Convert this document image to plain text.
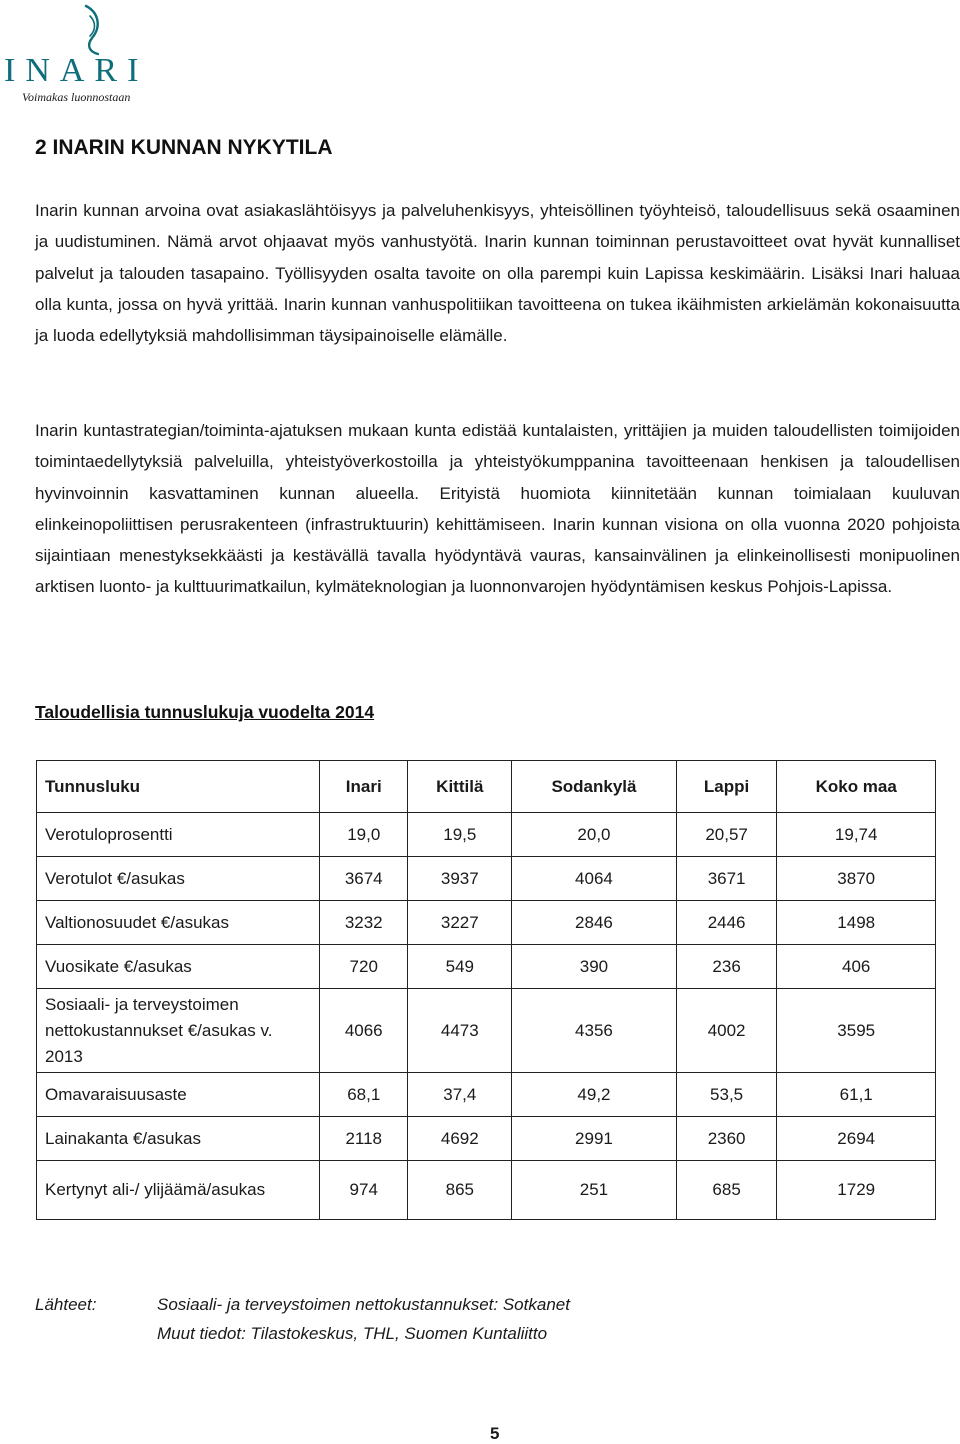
INARI
Voimakas luonnostaan
2 INARIN KUNNAN NYKYTILA

Inarin kunnan arvoina ovat asiakaslähtöisyys ja palveluhenkisyys, yhteisöllinen työyhteisö, taloudellisuus sekä osaaminen ja uudistuminen. Nämä arvot ohjaavat myös vanhustyötä. Inarin kunnan toiminnan perustavoitteet ovat hyvät kunnalliset palvelut ja talouden tasapaino. Työllisyyden osalta tavoite on olla parempi kuin Lapissa keskimäärin. Lisäksi Inari haluaa olla kunta, jossa on hyvä yrittää. Inarin kunnan vanhuspolitiikan tavoitteena on tukea ikäihmisten arkielämän kokonaisuutta ja luoda edellytyksiä mahdollisimman täysipainoiselle elämälle.

Inarin kuntastrategian/toiminta-ajatuksen mukaan kunta edistää kuntalaisten, yrittäjien ja muiden taloudellisten toimijoiden toimintaedellytyksiä palveluilla, yhteistyöverkostoilla ja yhteistyökumppanina tavoitteenaan henkisen ja taloudellisen hyvinvoinnin kasvattaminen kunnan alueella. Erityistä huomiota kiinnitetään kunnan toimialaan kuuluvan elinkeinopoliittisen perusrakenteen (infrastruktuurin) kehittämiseen. Inarin kunnan visiona on olla vuonna 2020 pohjoista sijaintiaan menestyksekkäästi ja kestävällä tavalla hyödyntävä vauras, kansainvälinen ja elinkeinollisesti monipuolinen arktisen luonto- ja kulttuurimatkailun, kylmäteknologian ja luonnonvarojen hyödyntämisen keskus Pohjois-Lapissa.

Taloudellisia tunnuslukuja vuodelta 2014
Tunnusluku	Inari	Kittilä	Sodankylä	Lappi	Koko maa
Verotuloprosentti	19,0	19,5	20,0	20,57	19,74
Verotulot €/asukas	3674	3937	4064	3671	3870
Valtionosuudet €/asukas	3232	3227	2846	2446	1498
Vuosikate €/asukas	720	549	390	236	406
Sosiaali- ja terveystoimen nettokustannukset €/asukas v. 2013	4066	4473	4356	4002	3595
Omavaraisuusaste	68,1	37,4	49,2	53,5	61,1
Lainakanta €/asukas	2118	4692	2991	2360	2694
Kertynyt ali-/ ylijäämä/asukas	974	865	251	685	1729
Lähteet:	Sosiaali- ja terveystoimen nettokustannukset: Sotkanet
Muut tiedot: Tilastokeskus, THL, Suomen Kuntaliitto
5
